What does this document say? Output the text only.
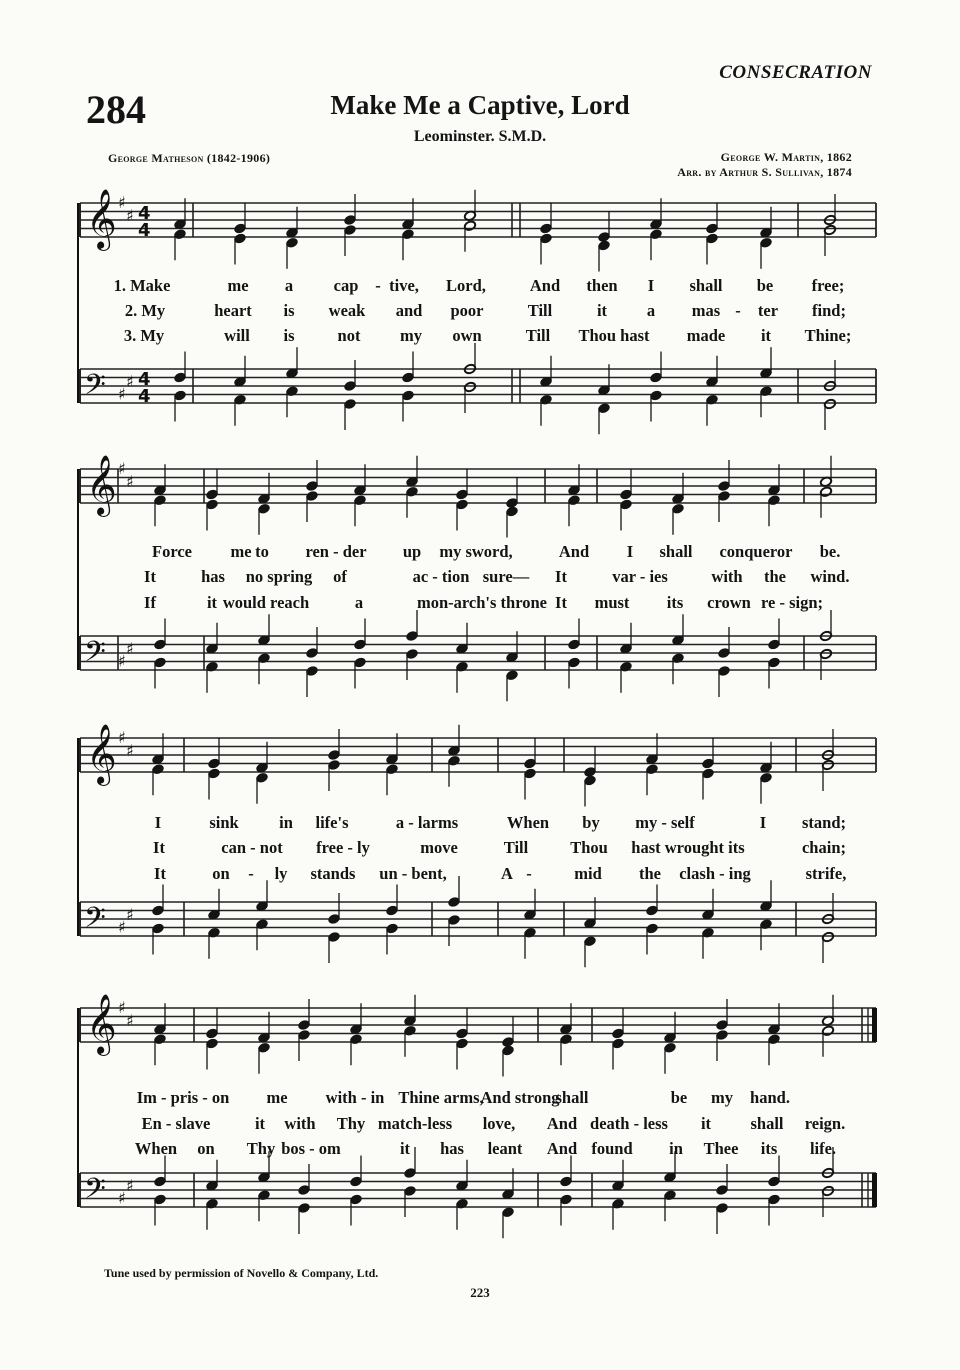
CONSECRATION
284	Make Me a Captive, Lord
Leominster. S.M.D.
George Matheson (1842-1906)	George W. Martin, 1862
Arr. by Arthur S. Sullivan, 1874
𝄞 ♯
♯ 4
4
𝄢 ♯
♯ 4
4
𝄞 ♯
♯
𝄢 ♯
♯
𝄞 ♯
♯
𝄢 ♯
♯
𝄞 ♯
♯
𝄢 ♯
♯
1. Make	me a cap - tive, Lord,	And then I shall be free;
2. My	heart is weak and poor	Till	it a mas - ter find;
3. My	will is	not my own	Till Thou hast made it Thine;
Force me to ren - der up my sword,	And I shall conqueror be.
It	has no spring of	ac - tion sure— It	var - ies	with the wind.
If	it would reach	a	mon-arch's throne It must its crown re - sign;
I	sink in life's	a - larms	When by my - self	I stand;
It	can - not free - ly	move	Till	Thou hast wrought its	chain;
It	on - ly stands un - bent,	A -	mid the clash - ing	strife,
Im - pris - on me with - in Thine arms,
And strong
shall	be my hand.
En - slave	it with Thy match-less love, And death - less it shall reign.
When on Thy bos - om	it has leant And found in Thee its life.
Tune used by permission of Novello & Company, Ltd.
223
